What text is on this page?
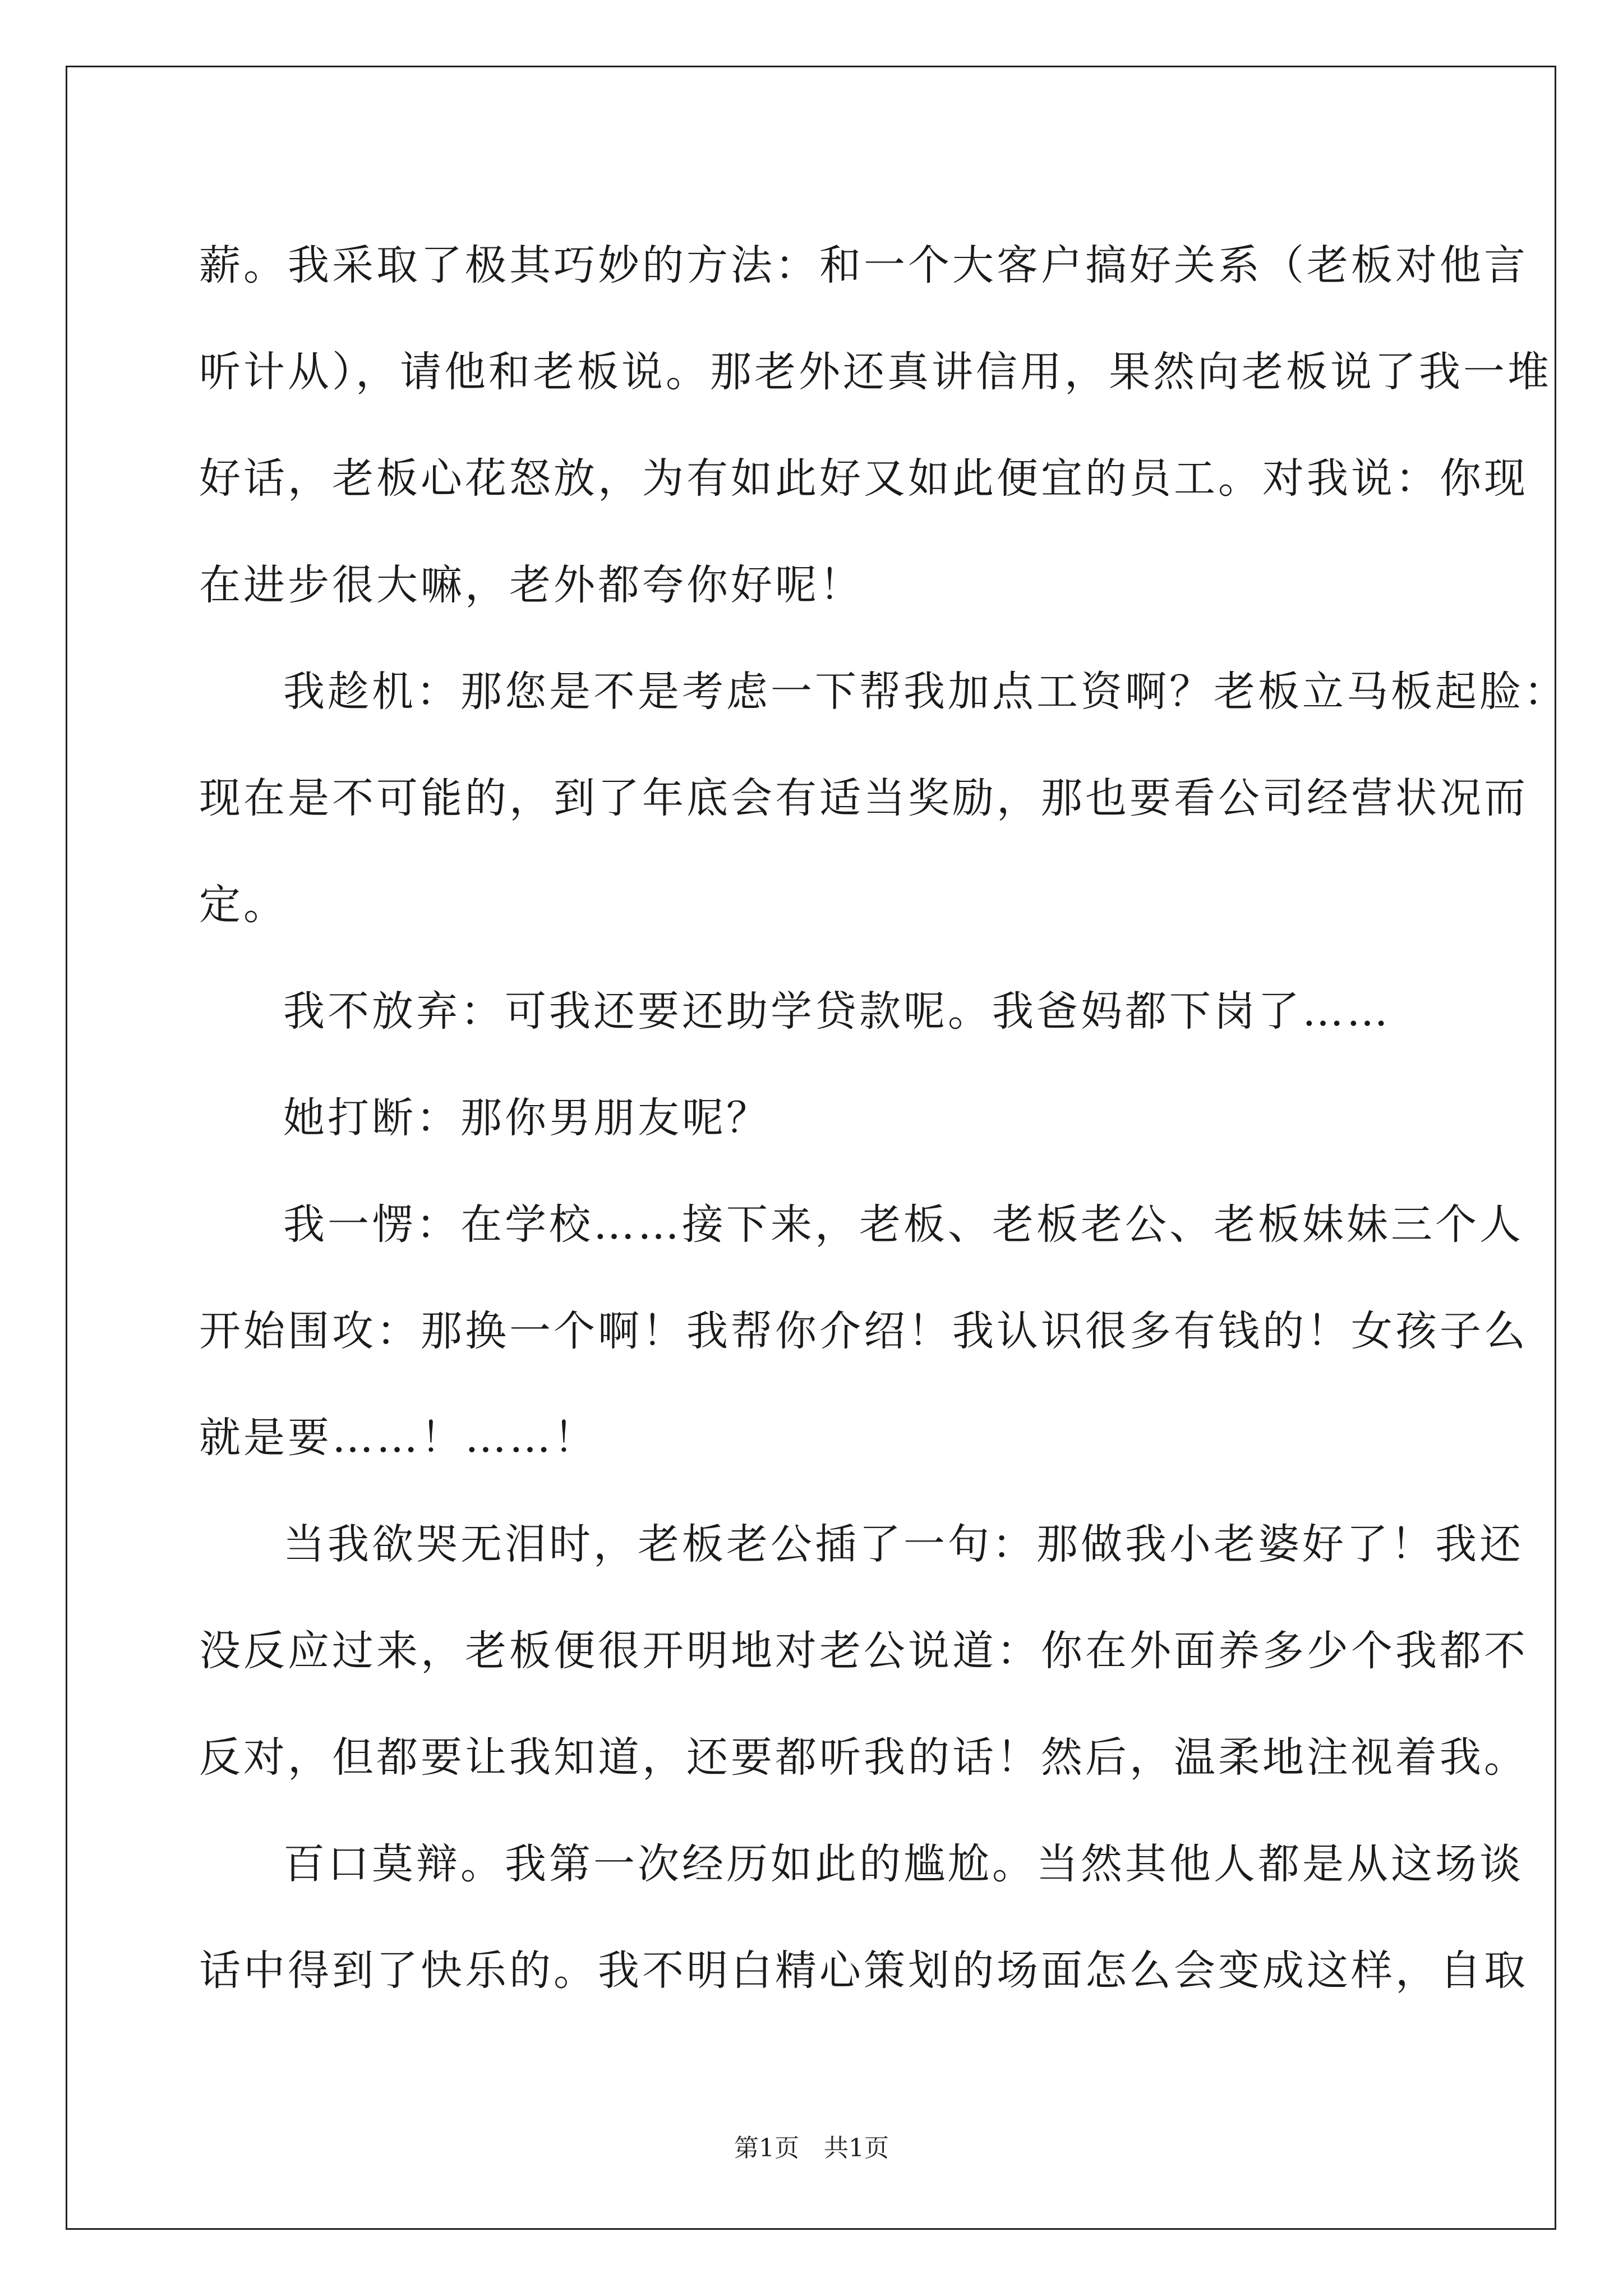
薪。我采取了极其巧妙的方法：和一个大客户搞好关系（老板对他言
听计从），请他和老板说。那老外还真讲信用，果然向老板说了我一堆
好话，老板心花怒放，为有如此好又如此便宜的员工。对我说：你现
在进步很大嘛，老外都夸你好呢！
我趁机：那您是不是考虑一下帮我加点工资啊？老板立马板起脸：
现在是不可能的，到了年底会有适当奖励，那也要看公司经营状况而
定。
我不放弃：可我还要还助学贷款呢。我爸妈都下岗了……
她打断：那你男朋友呢？
我一愣：在学校……接下来，老板、老板老公、老板妹妹三个人
开始围攻：那换一个啊！我帮你介绍！我认识很多有钱的！女孩子么
就是要……！……！
当我欲哭无泪时，老板老公插了一句：那做我小老婆好了！我还
没反应过来，老板便很开明地对老公说道：你在外面养多少个我都不
反对，但都要让我知道，还要都听我的话！然后，温柔地注视着我。
百口莫辩。我第一次经历如此的尴尬。当然其他人都是从这场谈
话中得到了快乐的。我不明白精心策划的场面怎么会变成这样，自取
第1页　共1页
